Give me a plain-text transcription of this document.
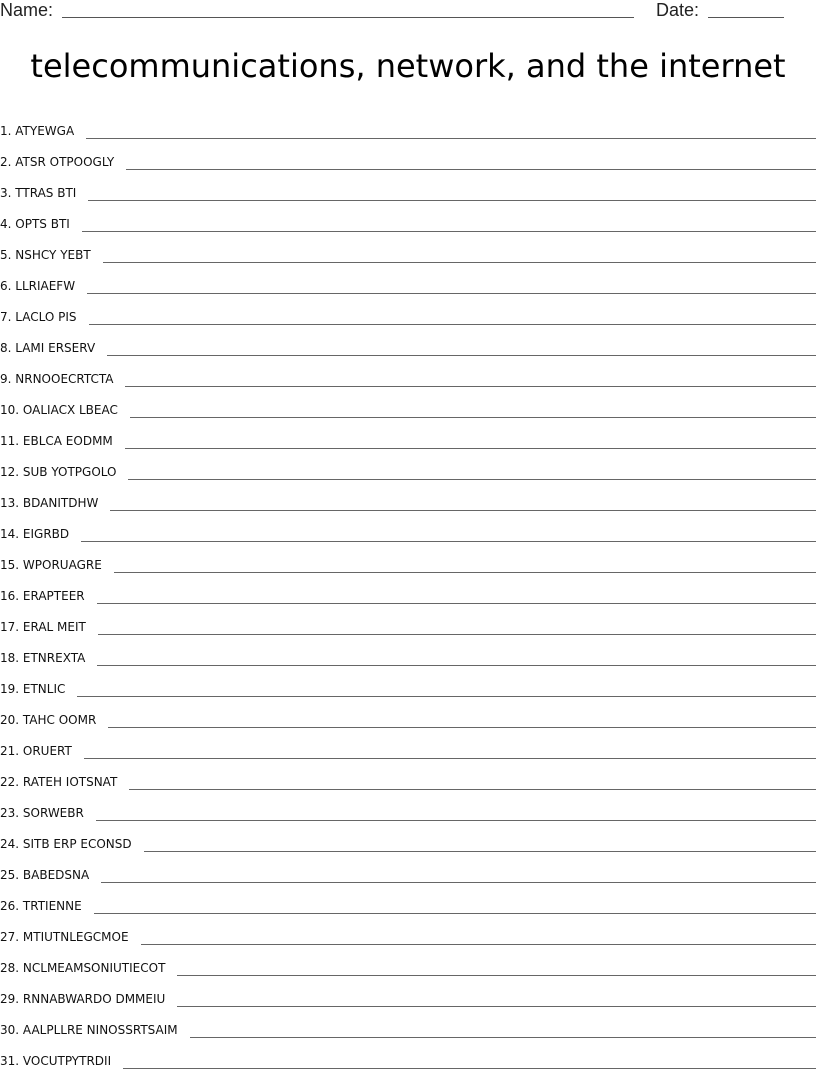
Name:	Date:
telecommunications, network, and the internet
1. ATYEWGA
2. ATSR OTPOOGLY
3. TTRAS BTI
4. OPTS BTI
5. NSHCY YEBT
6. LLRIAEFW
7. LACLO PIS
8. LAMI ERSERV
9. NRNOOECRTCTA
10. OALIACX LBEAC
11. EBLCA EODMM
12. SUB YOTPGOLO
13. BDANITDHW
14. EIGRBD
15. WPORUAGRE
16. ERAPTEER
17. ERAL MEIT
18. ETNREXTA
19. ETNLIC
20. TAHC OOMR
21. ORUERT
22. RATEH IOTSNAT
23. SORWEBR
24. SITB ERP ECONSD
25. BABEDSNA
26. TRTIENNE
27. MTIUTNLEGCMOE
28. NCLMEAMSONIUTIECOT
29. RNNABWARDO DMMEIU
30. AALPLLRE NINOSSRTSAIM
31. VOCUTPYTRDII
